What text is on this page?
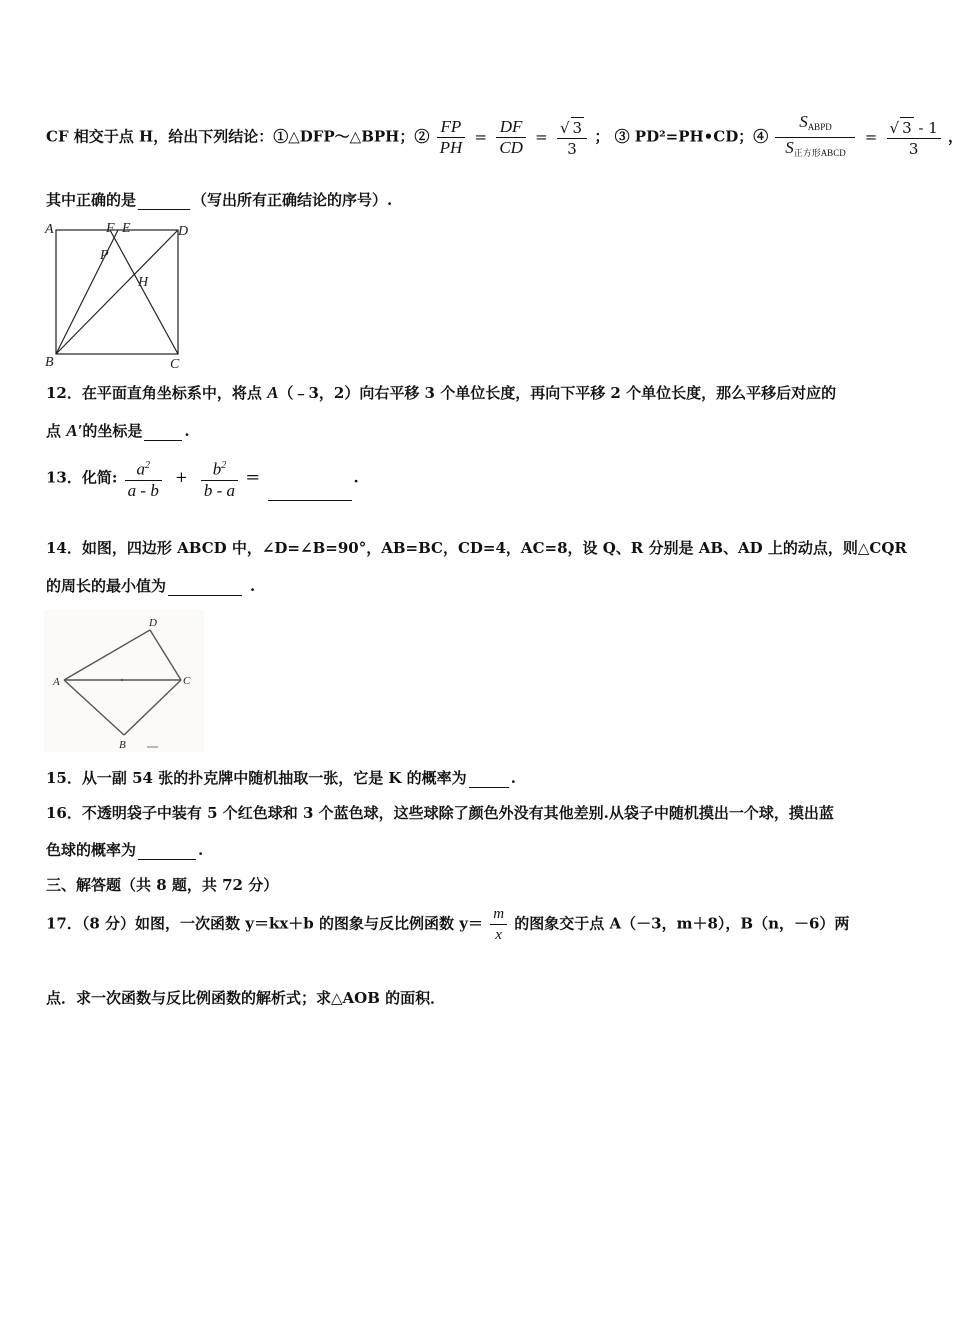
CF 相交于点 H，给出下列结论：①△DFP～△BPH；② $\frac{FP}{PH} = \frac{DF}{CD} = \frac{√ 3}{3}$ ； ③ PD²=PH•CD；④ $\frac{S_{ABPD}}{S_{正方形ABCD}} = \frac{√ 3 - 1}{3}$ ，
其中正确的是	（写出所有正确结论的序号）.
A	F E	D
P
H
B	C
12．在平面直角坐标系中，将点 A（﹣3，2）向右平移 3 个单位长度，再向下平移 2 个单位长度，那么平移后对应的
点 A′的坐标是	.
13．化简: $\frac{a^2}{a - b} + \frac{b^2}{b - a}$ ＝	.
14．如图，四边形 ABCD 中，∠D=∠B=90°，AB=BC，CD=4，AC=8，设 Q、R 分别是 AB、AD 上的动点，则△CQR
的周长的最小值为	.
A
D
C
B
15．从一副 54 张的扑克牌中随机抽取一张，它是 K 的概率为	.
16．不透明袋子中装有 5 个红色球和 3 个蓝色球，这些球除了颜色外没有其他差别.从袋子中随机摸出一个球，摸出蓝
色球的概率为	.
三、解答题（共 8 题，共 72 分）
17．（8 分）如图，一次函数 y＝kx＋b 的图象与反比例函数 $y= \frac{m}{x}$ 的图象交于点 A（－3，m＋8），B（n，－6）两
点．求一次函数与反比例函数的解析式；求△AOB 的面积．
